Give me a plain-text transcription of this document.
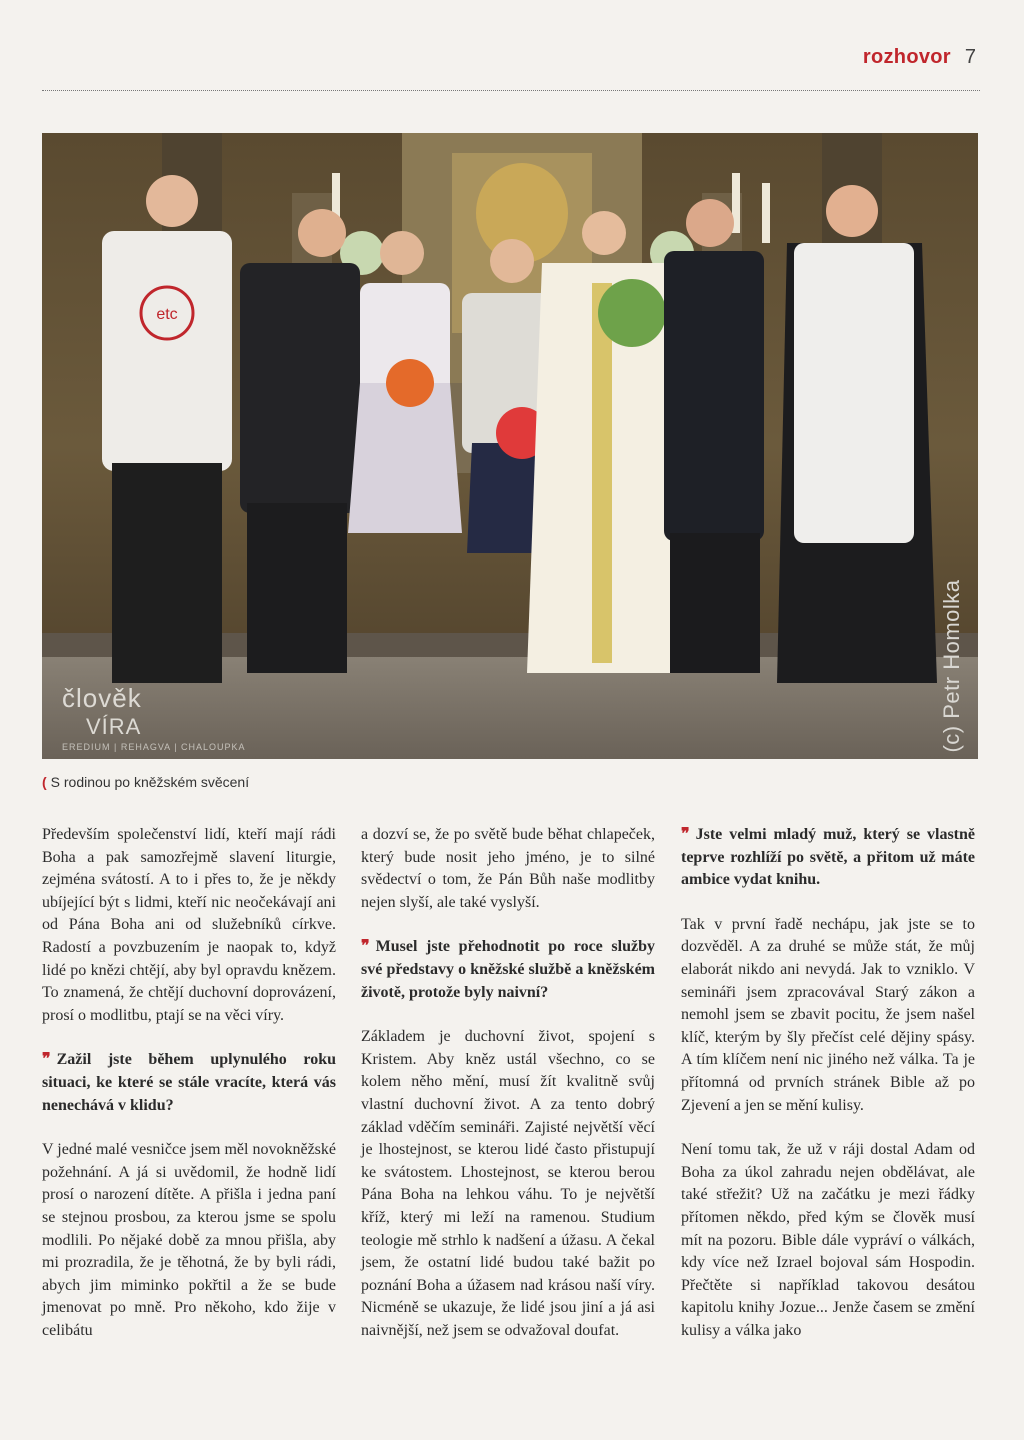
rozhovor 7
etc
člověk
VÍRA
EREDIUM | REHAGVA | CHALOUPKA	(c) Petr Homolka
( S rodinou po kněžském svěcení

Především společenství lidí, kteří mají rádi Boha a pak samozřejmě slavení liturgie, zejména svátostí. A to i přes to, že je někdy ubíjející být s lidmi, kteří nic neočekávají ani od Pána Boha ani od služebníků církve. Radostí a povzbuzením je naopak to, když lidé po knězi chtějí, aby byl opravdu knězem. To znamená, že chtějí duchovní doprovázení, prosí o modlitbu, ptají se na věci víry.

❞ Zažil jste během uplynulého roku situaci, ke které se stále vracíte, která vás nenechává v klidu?

V jedné malé vesničce jsem měl novokněžské požehnání. A já si uvědomil, že hodně lidí prosí o narození dítěte. A přišla i jedna paní se stejnou prosbou, za kterou jsme se spolu modlili. Po nějaké době za mnou přišla, aby mi prozradila, že je těhotná, že by byli rádi, abych jim miminko pokřtil a že se bude jmenovat po mně. Pro někoho, kdo žije v celibátu

a dozví se, že po světě bude běhat chlapeček, který bude nosit jeho jméno, je to silné svědectví o tom, že Pán Bůh naše modlitby nejen slyší, ale také vyslyší.

❞ Musel jste přehodnotit po roce služby své představy o kněžské službě a kněžském životě, protože byly naivní?

Základem je duchovní život, spojení s Kristem. Aby kněz ustál všechno, co se kolem něho mění, musí žít kvalitně svůj vlastní duchovní život. A za tento dobrý základ vděčím semináři. Zajisté největší věcí je lhostejnost, se kterou lidé často přistupují ke svátostem. Lhostejnost, se kterou berou Pána Boha na lehkou váhu. To je největší kříž, který mi leží na ramenou. Studium teologie mě strhlo k nadšení a úžasu. A čekal jsem, že ostatní lidé budou také bažit po poznání Boha a úžasem nad krásou naší víry. Nicméně se ukazuje, že lidé jsou jiní a já asi naivnější, než jsem se odvažoval doufat.

❞ Jste velmi mladý muž, který se vlastně teprve rozhlíží po světě, a přitom už máte ambice vydat knihu.

Tak v první řadě nechápu, jak jste se to dozvěděl. A za druhé se může stát, že můj elaborát nikdo ani nevydá. Jak to vzniklo. V semináři jsem zpracovával Starý zákon a nemohl jsem se zbavit pocitu, že jsem našel klíč, kterým by šly přečíst celé dějiny spásy. A tím klíčem není nic jiného než válka. Ta je přítomná od prvních stránek Bible až po Zjevení a jen se mění kulisy.

Není tomu tak, že už v ráji dostal Adam od Boha za úkol zahradu nejen obdělávat, ale také střežit? Už na začátku je mezi řádky přítomen někdo, před kým se člověk musí mít na pozoru. Bible dále vypráví o válkách, kdy více než Izrael bojoval sám Hospodin. Přečtěte si například takovou desátou kapitolu knihy Jozue... Jenže časem se změní kulisy a válka jako
